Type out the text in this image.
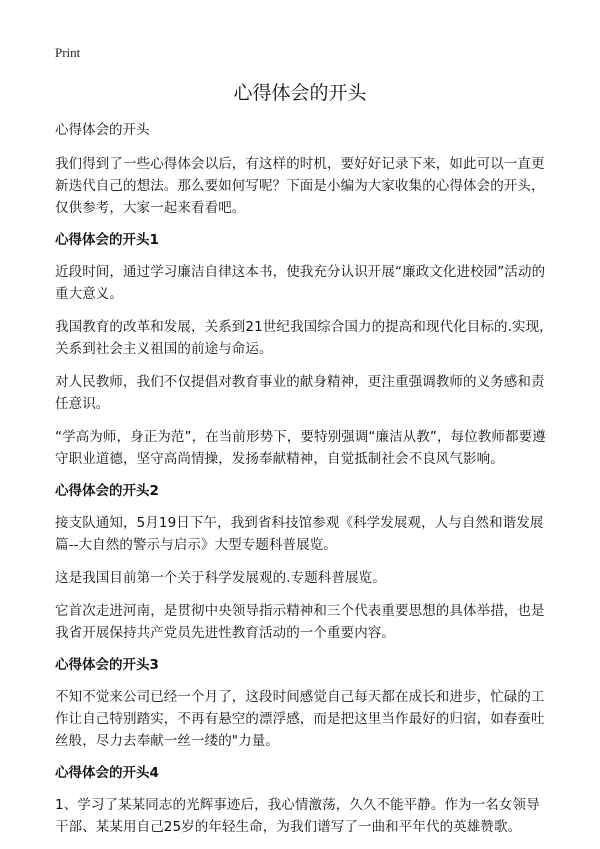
Print
心得体会的开头
心得体会的开头

我们得到了一些心得体会以后，有这样的时机，要好好记录下来，如此可以一直更新迭代自己的想法。那么要如何写呢？下面是小编为大家收集的心得体会的开头，仅供参考，大家一起来看看吧。

心得体会的开头1

近段时间，通过学习廉洁自律这本书，使我充分认识开展“廉政文化进校园”活动的重大意义。

我国教育的改革和发展，关系到21世纪我国综合国力的提高和现代化目标的.实现，关系到社会主义祖国的前途与命运。

对人民教师，我们不仅提倡对教育事业的献身精神，更注重强调教师的义务感和责任意识。

“学高为师，身正为范”，在当前形势下，要特别强调“廉洁从教”，每位教师都要遵守职业道德，坚守高尚情操，发扬奉献精神，自觉抵制社会不良风气影响。

心得体会的开头2

接支队通知，5月19日下午，我到省科技馆参观《科学发展观，人与自然和谐发展篇--大自然的警示与启示》大型专题科普展览。

这是我国目前第一个关于科学发展观的.专题科普展览。

它首次走进河南，是贯彻中央领导指示精神和三个代表重要思想的具体举措，也是我省开展保持共产党员先进性教育活动的一个重要内容。

心得体会的开头3

不知不觉来公司已经一个月了，这段时间感觉自己每天都在成长和进步，忙碌的工作让自己特别踏实，不再有悬空的漂浮感，而是把这里当作最好的归宿，如春蚕吐丝般，尽力去奉献一丝一缕的"力量。

心得体会的开头4

1、学习了某某同志的光辉事迹后，我心情激荡，久久不能平静。作为一名女领导干部、某某用自己25岁的年轻生命，为我们谱写了一曲和平年代的英雄赞歌。
